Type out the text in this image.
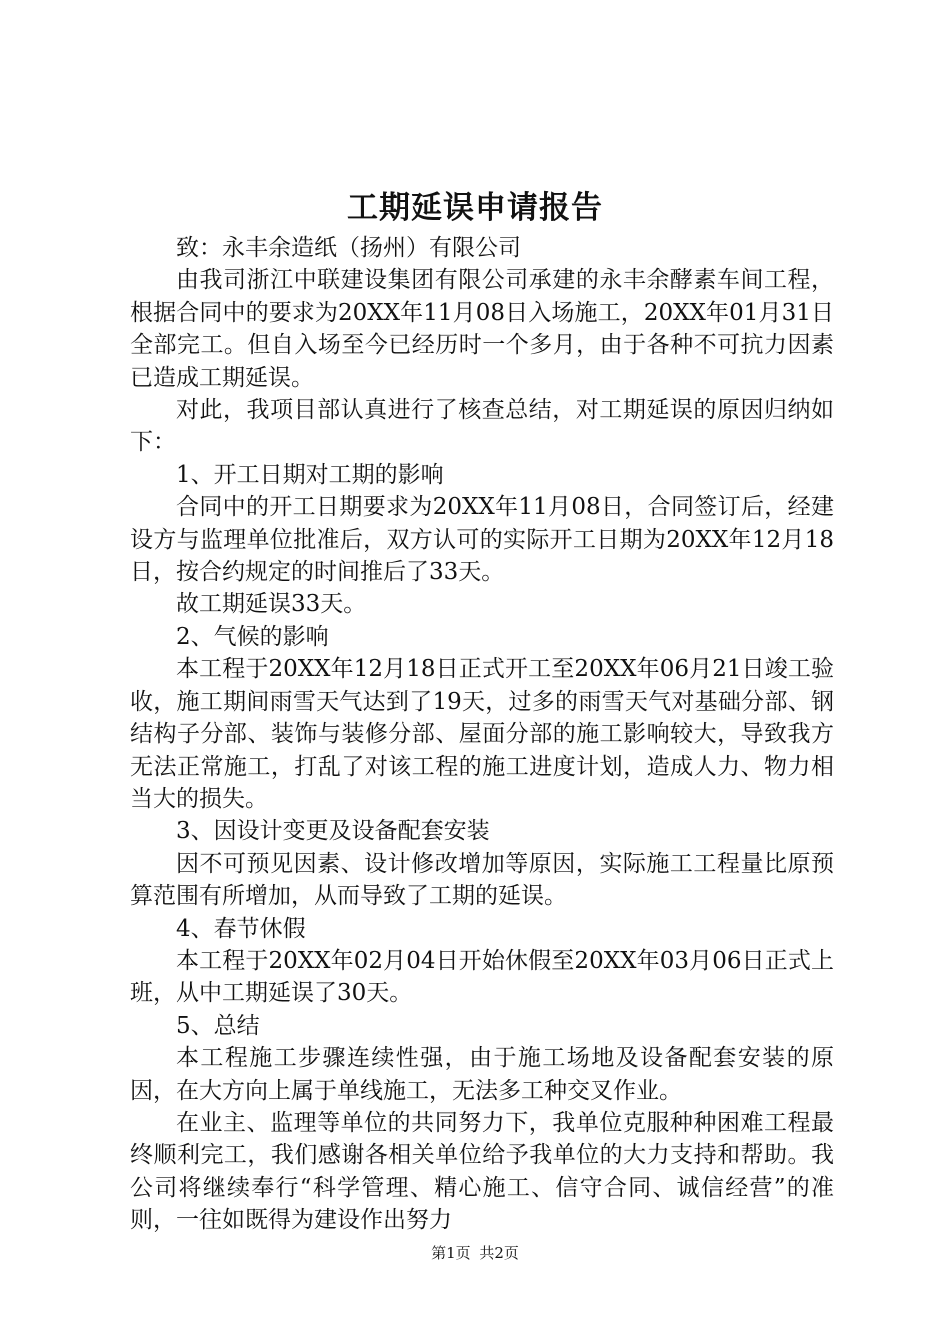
工期延误申请报告

致：永丰余造纸（扬州）有限公司

由我司浙江中联建设集团有限公司承建的永丰余酵素车间工程，根据合同中的要求为20XX年11月08日入场施工，20XX年01月31日全部完工。但自入场至今已经历时一个多月，由于各种不可抗力因素已造成工期延误。

对此，我项目部认真进行了核查总结，对工期延误的原因归纳如下：

1、开工日期对工期的影响

合同中的开工日期要求为20XX年11月08日，合同签订后，经建设方与监理单位批准后，双方认可的实际开工日期为20XX年12月18日，按合约规定的时间推后了33天。

故工期延误33天。

2、气候的影响

本工程于20XX年12月18日正式开工至20XX年06月21日竣工验收，施工期间雨雪天气达到了19天，过多的雨雪天气对基础分部、钢结构子分部、装饰与装修分部、屋面分部的施工影响较大，导致我方无法正常施工，打乱了对该工程的施工进度计划，造成人力、物力相当大的损失。

3、因设计变更及设备配套安装

因不可预见因素、设计修改增加等原因，实际施工工程量比原预算范围有所增加，从而导致了工期的延误。

4、春节休假

本工程于20XX年02月04日开始休假至20XX年03月06日正式上班，从中工期延误了30天。

5、总结

本工程施工步骤连续性强，由于施工场地及设备配套安装的原因，在大方向上属于单线施工，无法多工种交叉作业。

在业主、监理等单位的共同努力下，我单位克服种种困难工程最终顺利完工，我们感谢各相关单位给予我单位的大力支持和帮助。我公司将继续奉行“科学管理、精心施工、信守合同、诚信经营”的准则，一往如既得为建设作出努力

第1页 共2页
